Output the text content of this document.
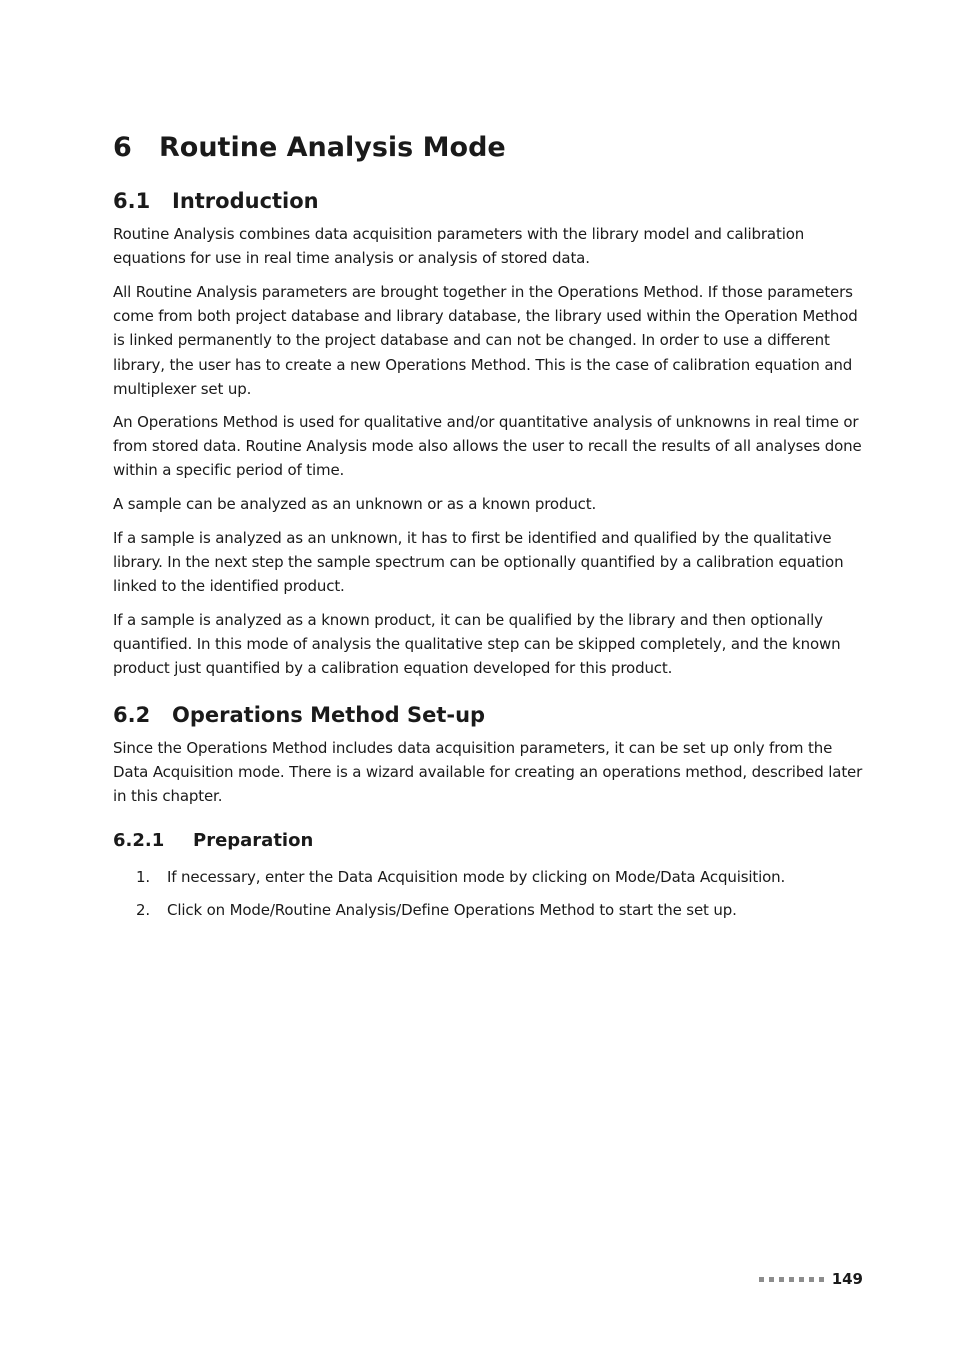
6 Routine Analysis Mode
6.1 Introduction

Routine Analysis combines data acquisition parameters with the library model and calibration equations for use in real time analysis or analysis of stored data.

All Routine Analysis parameters are brought together in the Operations Method. If those parameters come from both project database and library database, the library used within the Operation Method is linked permanently to the project database and can not be changed. In order to use a different library, the user has to create a new Operations Method. This is the case of calibration equation and multiplexer set up.

An Operations Method is used for qualitative and/or quantitative analysis of unknowns in real time or from stored data. Routine Analysis mode also allows the user to recall the results of all analyses done within a specific period of time.

A sample can be analyzed as an unknown or as a known product.

If a sample is analyzed as an unknown, it has to first be identified and qualified by the qualitative library. In the next step the sample spectrum can be optionally quantified by a calibration equation linked to the identified product.

If a sample is analyzed as a known product, it can be qualified by the library and then optionally quantified. In this mode of analysis the qualitative step can be skipped completely, and the known product just quantified by a calibration equation developed for this product.

6.2 Operations Method Set-up

Since the Operations Method includes data acquisition parameters, it can be set up only from the Data Acquisition mode. There is a wizard available for creating an operations method, described later in this chapter.

6.2.1 Preparation
1.	If necessary, enter the Data Acquisition mode by clicking on Mode/Data Acquisition.
2.	Click on Mode/Routine Analysis/Define Operations Method to start the set up.
149
